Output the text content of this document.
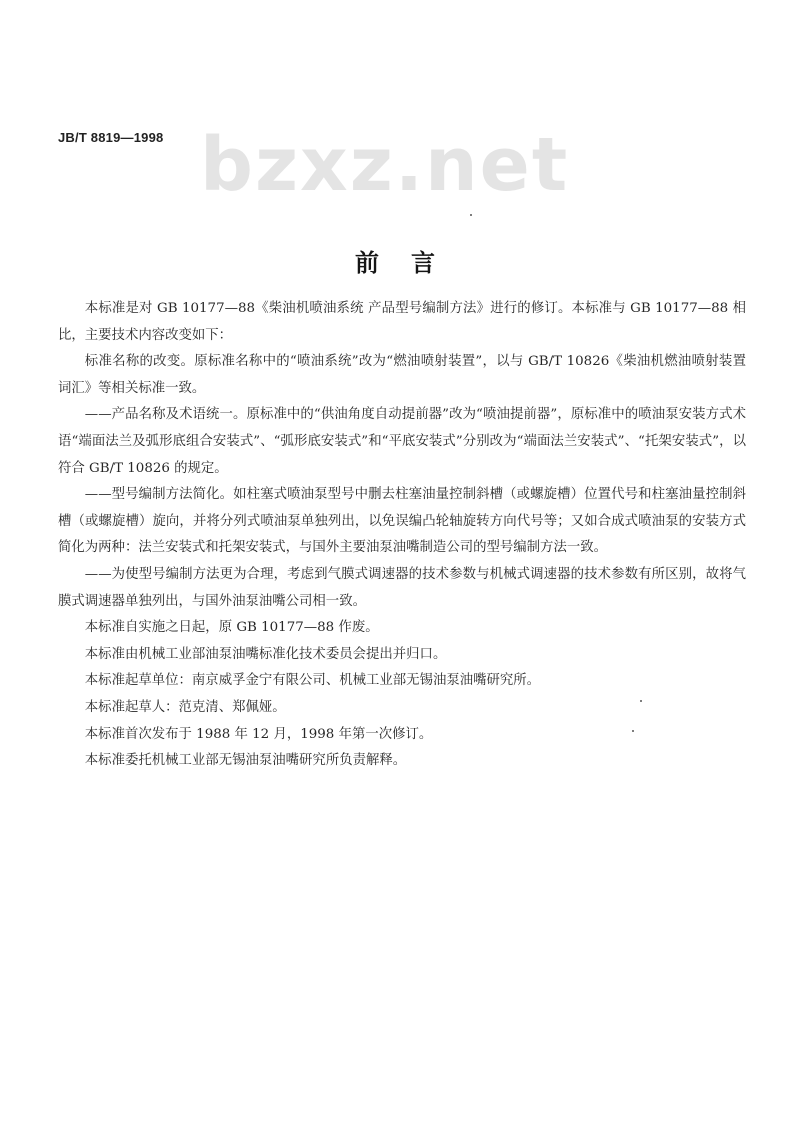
JB/T 8819—1998 bzxz.net
前言

本标准是对 GB 10177—88《柴油机喷油系统 产品型号编制方法》进行的修订。本标准与 GB 10177—88 相比，主要技术内容改变如下：

标准名称的改变。原标准名称中的“喷油系统”改为“燃油喷射装置”，以与 GB/T 10826《柴油机燃油喷射装置 词汇》等相关标准一致。

——产品名称及术语统一。原标准中的“供油角度自动提前器”改为“喷油提前器”，原标准中的喷油泵安装方式术语“端面法兰及弧形底组合安装式”、“弧形底安装式”和“平底安装式”分别改为“端面法兰安装式”、“托架安装式”，以符合 GB/T 10826 的规定。

——型号编制方法简化。如柱塞式喷油泵型号中删去柱塞油量控制斜槽（或螺旋槽）位置代号和柱塞油量控制斜槽（或螺旋槽）旋向，并将分列式喷油泵单独列出，以免误编凸轮轴旋转方向代号等；又如合成式喷油泵的安装方式简化为两种：法兰安装式和托架安装式，与国外主要油泵油嘴制造公司的型号编制方法一致。

——为使型号编制方法更为合理，考虑到气膜式调速器的技术参数与机械式调速器的技术参数有所区别，故将气膜式调速器单独列出，与国外油泵油嘴公司相一致。

本标准自实施之日起，原 GB 10177—88 作废。

本标准由机械工业部油泵油嘴标准化技术委员会提出并归口。

本标准起草单位：南京威孚金宁有限公司、机械工业部无锡油泵油嘴研究所。

本标准起草人：范克清、郑佩娅。

本标准首次发布于 1988 年 12 月，1998 年第一次修订。

本标准委托机械工业部无锡油泵油嘴研究所负责解释。
